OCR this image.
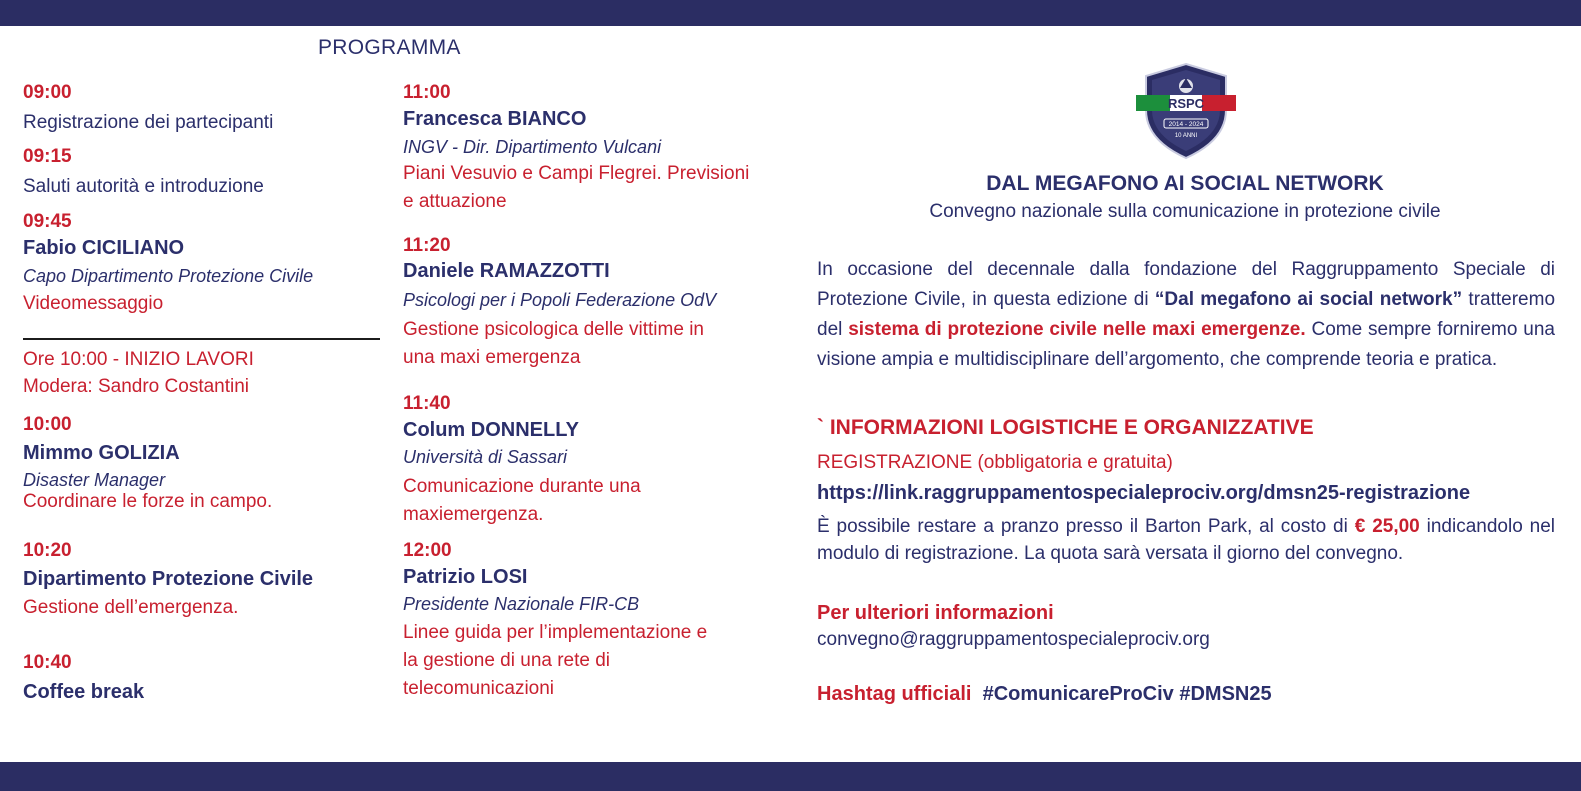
PROGRAMMA
09:00
Registrazione dei partecipanti
09:15
Saluti autorità e introduzione
09:45
Fabio CICILIANO
Capo Dipartimento Protezione Civile
Videomessaggio
Ore 10:00 - INIZIO LAVORI
Modera: Sandro Costantini
10:00
Mimmo GOLIZIA
Disaster Manager
Coordinare le forze in campo.
10:20
Dipartimento Protezione Civile
Gestione dell’emergenza.
10:40
Coffee break
11:00
Francesca BIANCO
INGV - Dir. Dipartimento Vulcani
Piani Vesuvio e Campi Flegrei. Previsioni e attuazione
11:20
Daniele RAMAZZOTTI
Psicologi per i Popoli Federazione OdV
Gestione psicologica delle vittime in una maxi emergenza
11:40
Colum DONNELLY
Università di Sassari
Comunicazione durante una maxiemergenza.
12:00
Patrizio LOSI
Presidente Nazionale FIR-CB
Linee guida per l’implementazione e la gestione di una rete di telecomunicazioni
RSPC
2014 - 2024
10 ANNI
DAL MEGAFONO AI SOCIAL NETWORK
Convegno nazionale sulla comunicazione in protezione civile
In occasione del decennale dalla fondazione del Raggruppamento Speciale di Protezione Civile, in questa edizione di “Dal megafono ai social network” tratteremo del sistema di protezione civile nelle maxi emergenze. Come sempre forniremo una visione ampia e multidisciplinare dell’argomento, che comprende teoria e pratica.
` INFORMAZIONI LOGISTICHE E ORGANIZZATIVE
REGISTRAZIONE (obbligatoria e gratuita)
https://link.raggruppamentospecialeprociv.org/dmsn25-registrazione
È possibile restare a pranzo presso il Barton Park, al costo di € 25,00 indicandolo nel modulo di registrazione. La quota sarà versata il giorno del convegno.
Per ulteriori informazioni
convegno@raggruppamentospecialeprociv.org
Hashtag ufficiali #ComunicareProCiv #DMSN25
